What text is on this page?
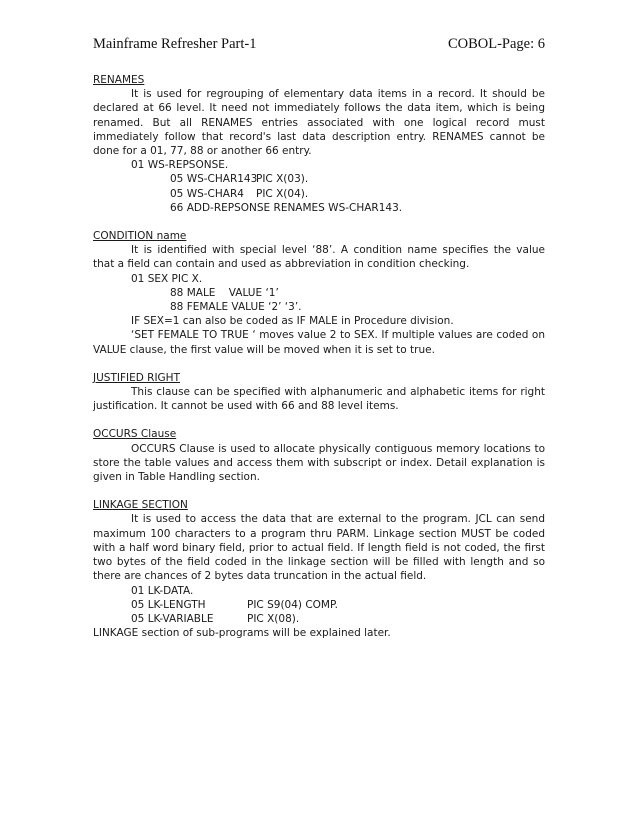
Mainframe Refresher Part-1	COBOL-Page: 6
RENAMES

It is used for regrouping of elementary data items in a record. It should be declared at 66 level. It need not immediately follows the data item, which is being renamed. But all RENAMES entries associated with one logical record must immediately follow that record's last data description entry. RENAMES cannot be done for a 01, 77, 88 or another 66 entry.

01 WS-REPSONSE.
05 WS-CHAR143PIC X(03).
05 WS-CHAR4 PIC X(04).
66 ADD-REPSONSE RENAMES WS-CHAR143.
CONDITION name

It is identified with special level ‘88’. A condition name specifies the value that a field can contain and used as abbreviation in condition checking.

01 SEX PIC X.
88 MALE    VALUE ‘1’
88 FEMALE VALUE ‘2’ ‘3’.

IF SEX=1 can also be coded as IF MALE in Procedure division.

‘SET FEMALE TO TRUE ‘ moves value 2 to SEX. If multiple values are coded on VALUE clause, the first value will be moved when it is set to true.

JUSTIFIED RIGHT

This clause can be specified with alphanumeric and alphabetic items for right justification. It cannot be used with 66 and 88 level items.

OCCURS Clause

OCCURS Clause is used to allocate physically contiguous memory locations to store the table values and access them with subscript or index. Detail explanation is given in Table Handling section.

LINKAGE SECTION

It is used to access the data that are external to the program. JCL can send maximum 100 characters to a program thru PARM. Linkage section MUST be coded with a half word binary field, prior to actual field. If length field is not coded, the first two bytes of the field coded in the linkage section will be filled with length and so there are chances of 2 bytes data truncation in the actual field.

01 LK-DATA.
05 LK-LENGTH	PIC S9(04) COMP.
05 LK-VARIABLE	PIC X(08).
LINKAGE section of sub-programs will be explained later.
